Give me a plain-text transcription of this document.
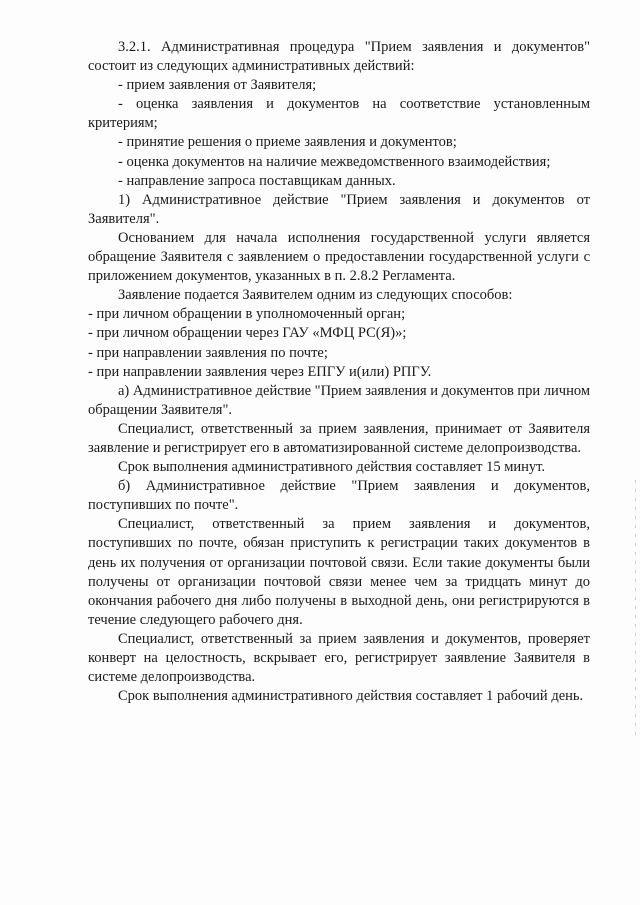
3.2.1. Административная процедура "Прием заявления и документов" состоит из следующих административных действий:

- прием заявления от Заявителя;

- оценка заявления и документов на соответствие установленным критериям;

- принятие решения о приеме заявления и документов;

- оценка документов на наличие межведомственного взаимодействия;

- направление запроса поставщикам данных.

1) Административное действие "Прием заявления и документов от Заявителя".

Основанием для начала исполнения государственной услуги является обращение Заявителя с заявлением о предоставлении государственной услуги с приложением документов, указанных в п. 2.8.2 Регламента.

Заявление подается Заявителем одним из следующих способов:

- при личном обращении в уполномоченный орган;

- при личном обращении через ГАУ «МФЦ РС(Я)»;

- при направлении заявления по почте;

- при направлении заявления через ЕПГУ и(или) РПГУ.

а) Административное действие "Прием заявления и документов при личном обращении Заявителя".

Специалист, ответственный за прием заявления, принимает от Заявителя заявление и регистрирует его в автоматизированной системе делопроизводства.

Срок выполнения административного действия составляет 15 минут.

б) Административное действие "Прием заявления и документов, поступивших по почте".

Специалист, ответственный за прием заявления и документов, поступивших по почте, обязан приступить к регистрации таких документов в день их получения от организации почтовой связи. Если такие документы были получены от организации почтовой связи менее чем за тридцать минут до окончания рабочего дня либо получены в выходной день, они регистрируются в течение следующего рабочего дня.

Специалист, ответственный за прием заявления и документов, проверяет конверт на целостность, вскрывает его, регистрирует заявление Заявителя в системе делопроизводства.

Срок выполнения административного действия составляет 1 рабочий день.
